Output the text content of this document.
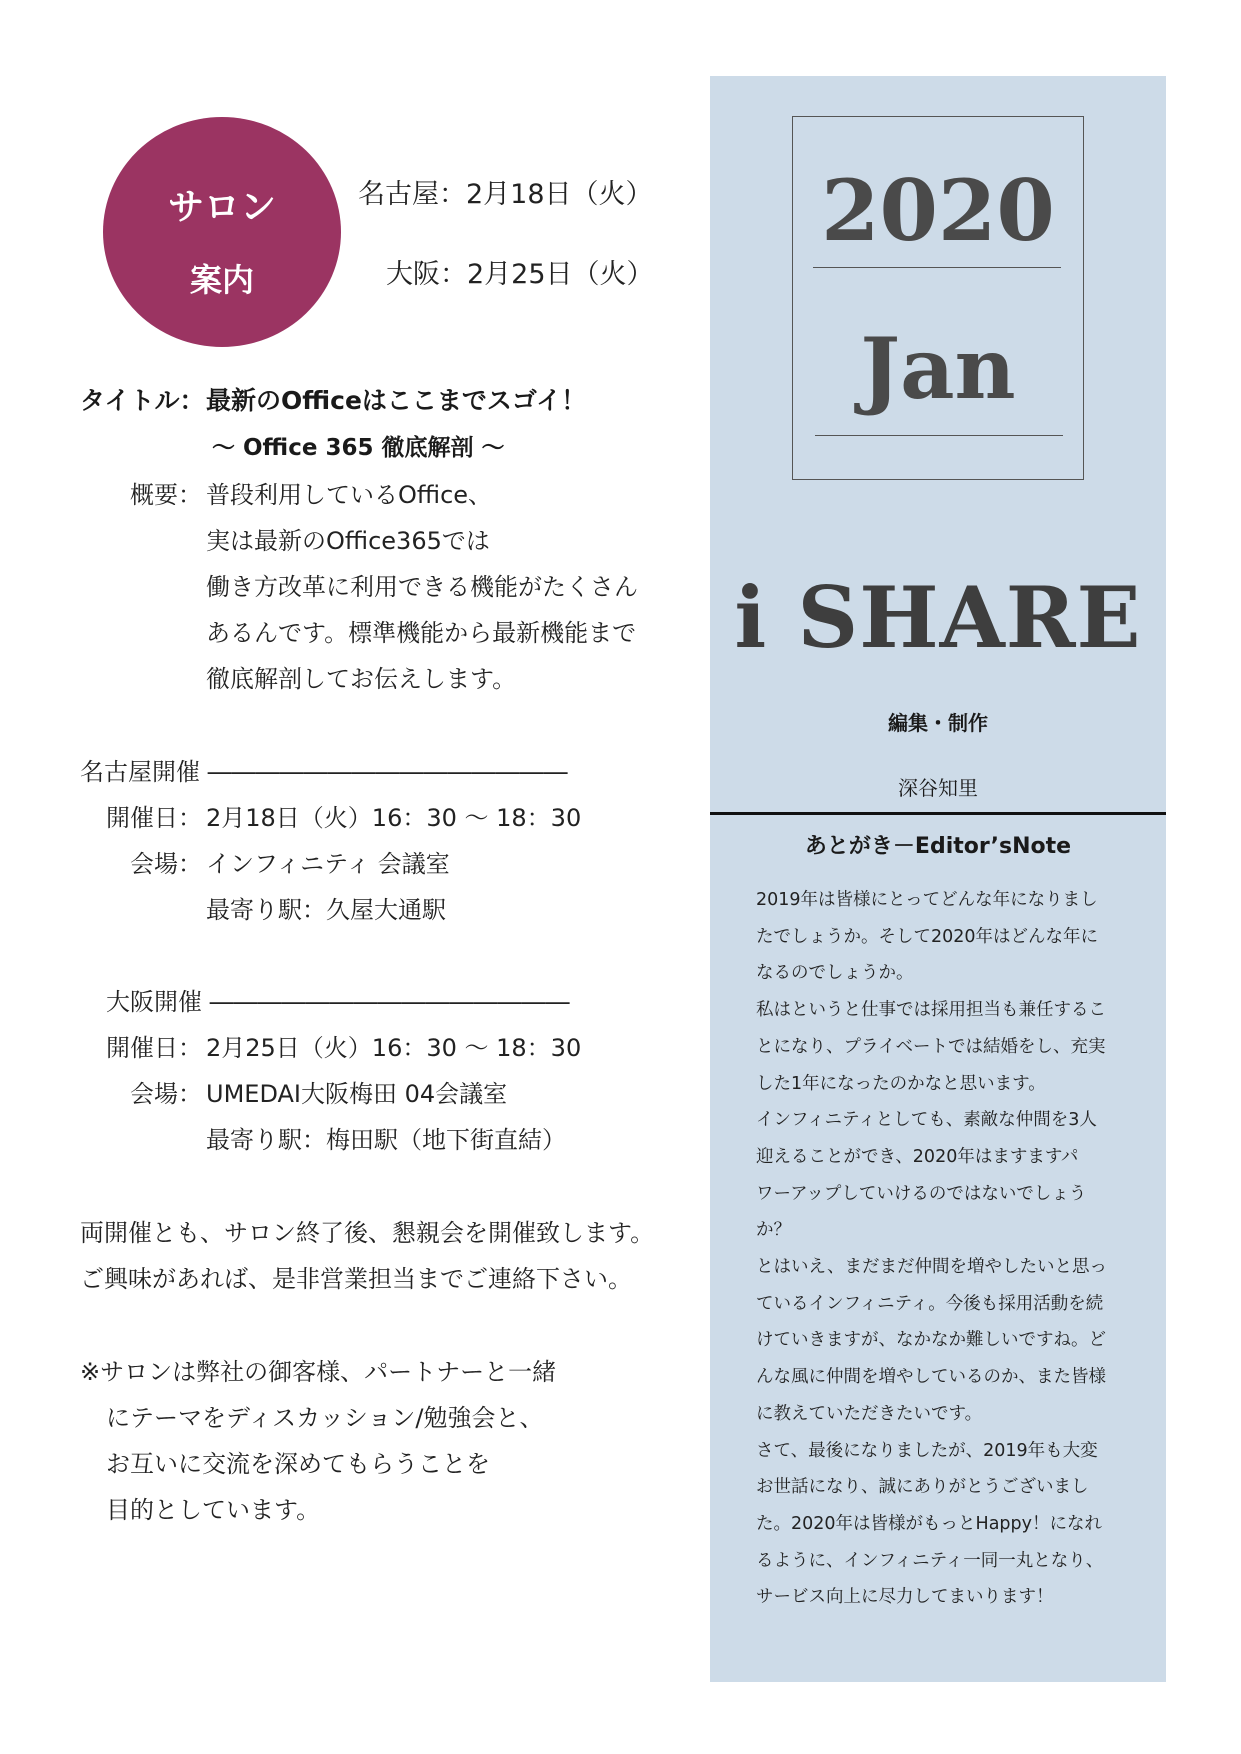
サロン
案内
名古屋：2月18日（火）
大阪：2月25日（火）
タイトル： 最新のOfficeはここまでスゴイ！
～ Office 365 徹底解剖 ～
概要： 普段利用しているOffice、
実は最新のOffice365では
働き方改革に利用できる機能がたくさん
あるんです。標準機能から最新機能まで
徹底解剖してお伝えします。
名古屋開催 ―――――――――――――――
開催日： 2月18日（火）16：30 ～ 18：30
会場： インフィニティ 会議室
最寄り駅：久屋大通駅
大阪開催 ―――――――――――――――
開催日： 2月25日（火）16：30 ～ 18：30
会場： UMEDAI大阪梅田 04会議室
最寄り駅：梅田駅（地下街直結）
両開催とも、サロン終了後、懇親会を開催致します。
ご興味があれば、是非営業担当までご連絡下さい。
※サロンは弊社の御客様、パートナーと一緒
にテーマをディスカッション/勉強会と、
お互いに交流を深めてもらうことを
目的としています。
2020
Jan
i SHARE
編集・制作
深谷知里
あとがき－Editor’sNote
2019年は皆様にとってどんな年になりまし
たでしょうか。そして2020年はどんな年に
なるのでしょうか。
私はというと仕事では採用担当も兼任するこ
とになり、プライベートでは結婚をし、充実
した1年になったのかなと思います。
インフィニティとしても、素敵な仲間を3人
迎えることができ、2020年はますますパ
ワーアップしていけるのではないでしょう
か？
とはいえ、まだまだ仲間を増やしたいと思っ
ているインフィニティ。今後も採用活動を続
けていきますが、なかなか難しいですね。ど
んな風に仲間を増やしているのか、また皆様
に教えていただきたいです。
さて、最後になりましたが、2019年も大変
お世話になり、誠にありがとうございまし
た。2020年は皆様がもっとHappy！になれ
るように、インフィニティ一同一丸となり、
サービス向上に尽力してまいります！
